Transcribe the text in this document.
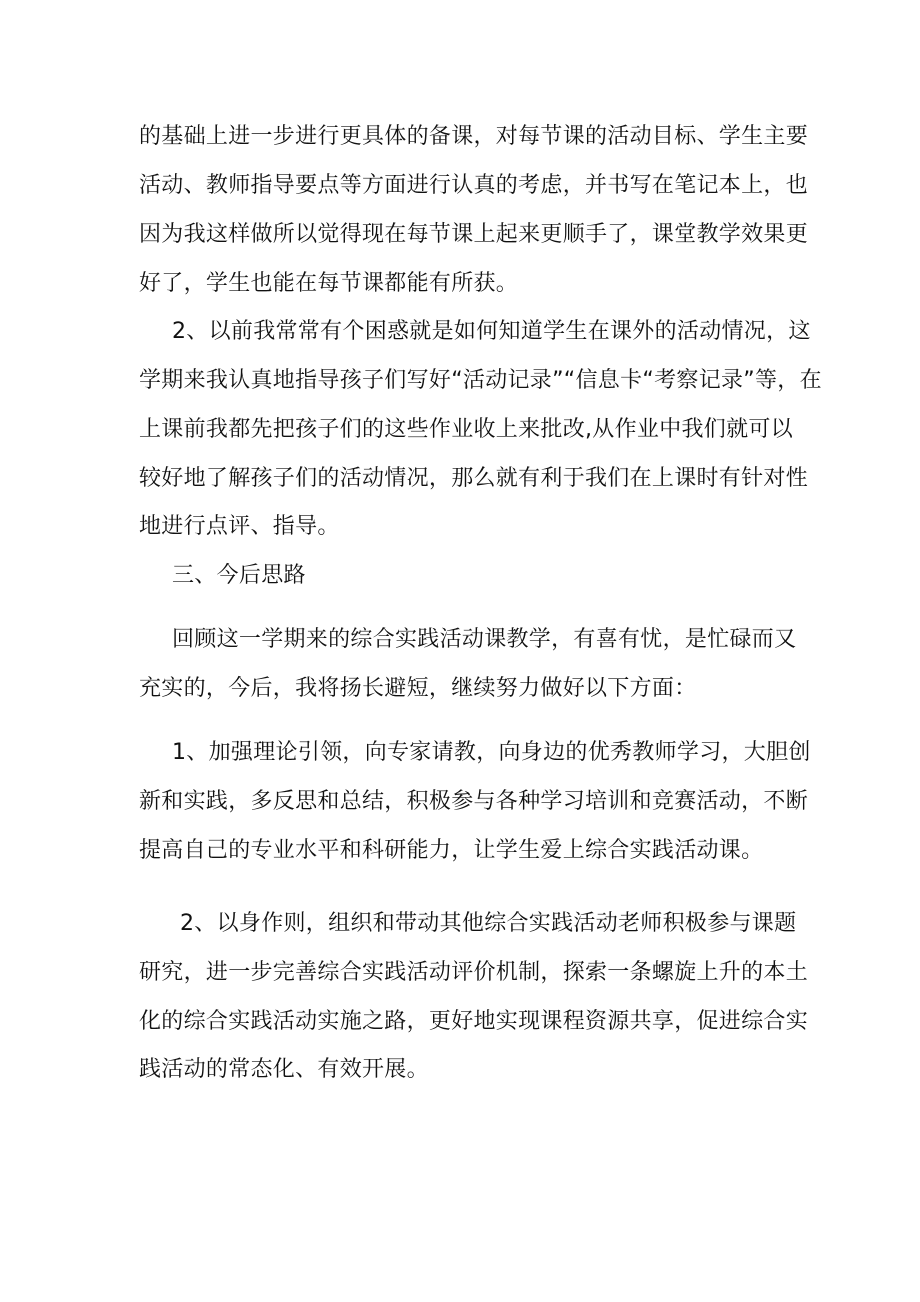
的基础上进一步进行更具体的备课，对每节课的活动目标、学生主要
活动、教师指导要点等方面进行认真的考虑，并书写在笔记本上，也
因为我这样做所以觉得现在每节课上起来更顺手了，课堂教学效果更
好了，学生也能在每节课都能有所获。
2、以前我常常有个困惑就是如何知道学生在课外的活动情况，这
学期来我认真地指导孩子们写好“活动记录”“信息卡“考察记录”等，在
上课前我都先把孩子们的这些作业收上来批改,从作业中我们就可以
较好地了解孩子们的活动情况，那么就有利于我们在上课时有针对性
地进行点评、指导。
三、今后思路
回顾这一学期来的综合实践活动课教学，有喜有忧，是忙碌而又
充实的，今后，我将扬长避短，继续努力做好以下方面：
1、加强理论引领，向专家请教，向身边的优秀教师学习，大胆创
新和实践，多反思和总结，积极参与各种学习培训和竞赛活动，不断
提高自己的专业水平和科研能力，让学生爱上综合实践活动课。
2、以身作则，组织和带动其他综合实践活动老师积极参与课题
研究，进一步完善综合实践活动评价机制，探索一条螺旋上升的本土
化的综合实践活动实施之路，更好地实现课程资源共享，促进综合实
践活动的常态化、有效开展。
